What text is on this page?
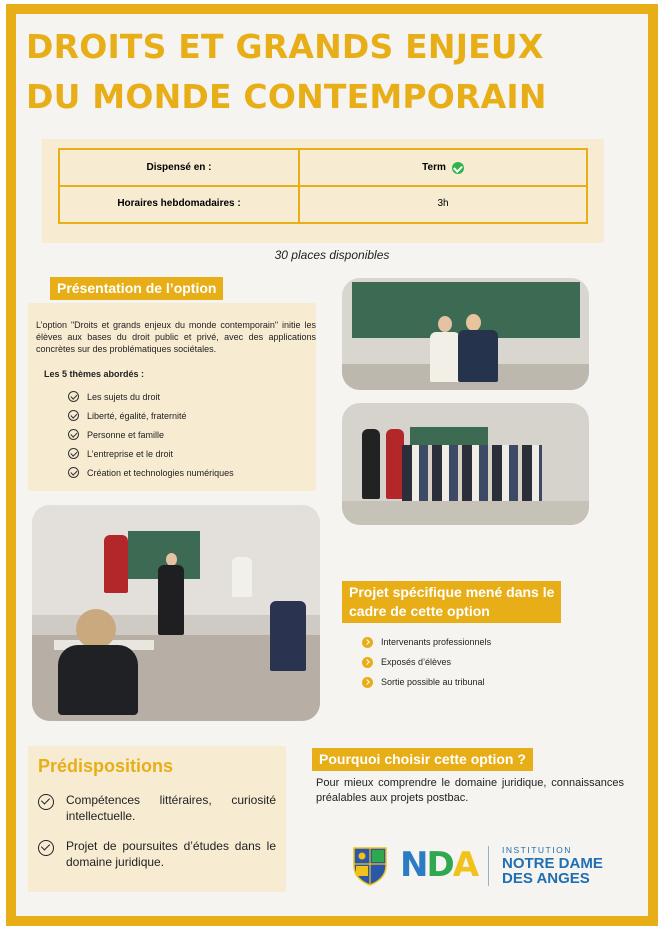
DROITS ET GRANDS ENJEUX DU MONDE CONTEMPORAIN
Dispensé en :	Term
Horaires hebdomadaires :	3h
30 places disponibles
Présentation de l’option
L’option "Droits et grands enjeux du monde contemporain" initie les élèves aux bases du droit public et privé, avec des applications concrètes sur des problématiques sociétales.
Les 5 thèmes abordés :
Les sujets du droit
Liberté, égalité, fraternité
Personne et famille
L’entreprise et le droit
Création et technologies numériques
Projet spécifique mené dans le
cadre de cette option
Intervenants professionnels
Exposés d’élèves
Sortie possible au tribunal
Prédispositions
Compétences littéraires, curiosité intellectuelle.
Projet de poursuites d’études dans le domaine juridique.
Pourquoi choisir cette option ?
Pour mieux comprendre le domaine juridique, connaissances préalables aux projets postbac.
NDA	INSTITUTION
NOTRE DAME
DES ANGES
